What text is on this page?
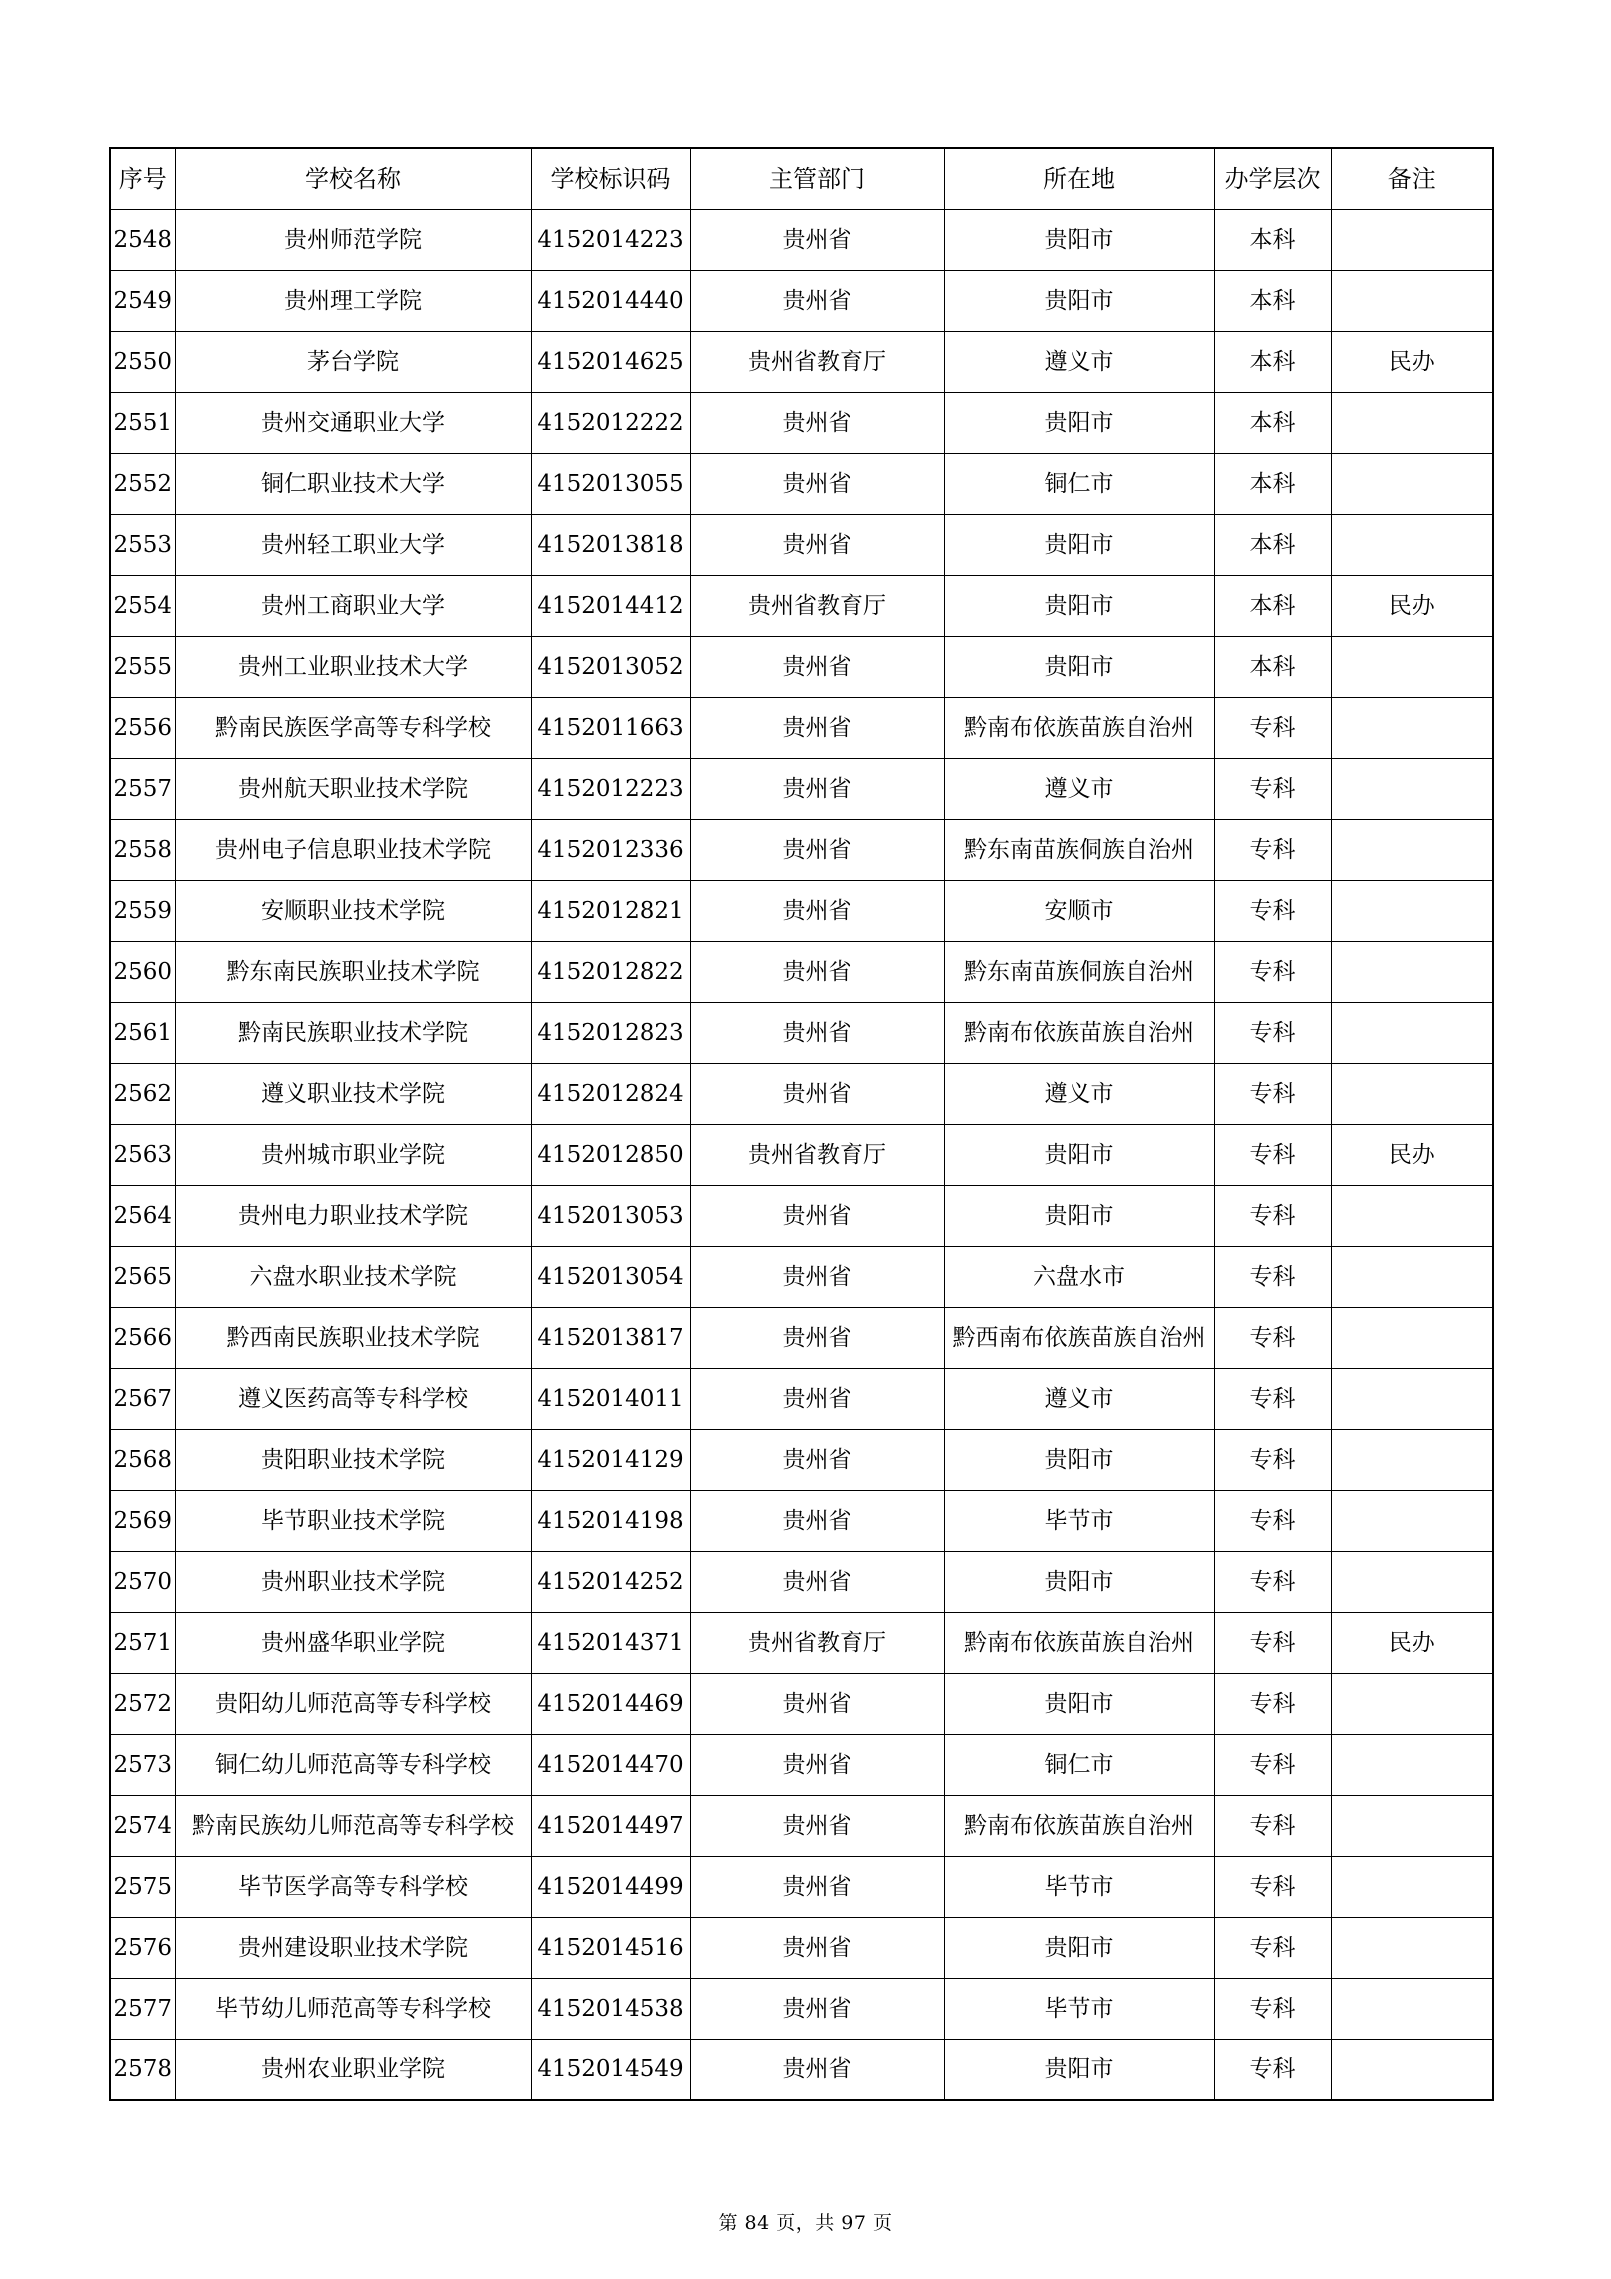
序号	学校名称	学校标识码	主管部门	所在地	办学层次	备注
2548	贵州师范学院	4152014223	贵州省	贵阳市	本科	
2549	贵州理工学院	4152014440	贵州省	贵阳市	本科	
2550	茅台学院	4152014625	贵州省教育厅	遵义市	本科	民办
2551	贵州交通职业大学	4152012222	贵州省	贵阳市	本科	
2552	铜仁职业技术大学	4152013055	贵州省	铜仁市	本科	
2553	贵州轻工职业大学	4152013818	贵州省	贵阳市	本科	
2554	贵州工商职业大学	4152014412	贵州省教育厅	贵阳市	本科	民办
2555	贵州工业职业技术大学	4152013052	贵州省	贵阳市	本科	
2556	黔南民族医学高等专科学校	4152011663	贵州省	黔南布依族苗族自治州	专科	
2557	贵州航天职业技术学院	4152012223	贵州省	遵义市	专科	
2558	贵州电子信息职业技术学院	4152012336	贵州省	黔东南苗族侗族自治州	专科	
2559	安顺职业技术学院	4152012821	贵州省	安顺市	专科	
2560	黔东南民族职业技术学院	4152012822	贵州省	黔东南苗族侗族自治州	专科	
2561	黔南民族职业技术学院	4152012823	贵州省	黔南布依族苗族自治州	专科	
2562	遵义职业技术学院	4152012824	贵州省	遵义市	专科	
2563	贵州城市职业学院	4152012850	贵州省教育厅	贵阳市	专科	民办
2564	贵州电力职业技术学院	4152013053	贵州省	贵阳市	专科	
2565	六盘水职业技术学院	4152013054	贵州省	六盘水市	专科	
2566	黔西南民族职业技术学院	4152013817	贵州省	黔西南布依族苗族自治州	专科	
2567	遵义医药高等专科学校	4152014011	贵州省	遵义市	专科	
2568	贵阳职业技术学院	4152014129	贵州省	贵阳市	专科	
2569	毕节职业技术学院	4152014198	贵州省	毕节市	专科	
2570	贵州职业技术学院	4152014252	贵州省	贵阳市	专科	
2571	贵州盛华职业学院	4152014371	贵州省教育厅	黔南布依族苗族自治州	专科	民办
2572	贵阳幼儿师范高等专科学校	4152014469	贵州省	贵阳市	专科	
2573	铜仁幼儿师范高等专科学校	4152014470	贵州省	铜仁市	专科	
2574	黔南民族幼儿师范高等专科学校	4152014497	贵州省	黔南布依族苗族自治州	专科	
2575	毕节医学高等专科学校	4152014499	贵州省	毕节市	专科	
2576	贵州建设职业技术学院	4152014516	贵州省	贵阳市	专科	
2577	毕节幼儿师范高等专科学校	4152014538	贵州省	毕节市	专科	
2578	贵州农业职业学院	4152014549	贵州省	贵阳市	专科	
第 84 页，共 97 页
